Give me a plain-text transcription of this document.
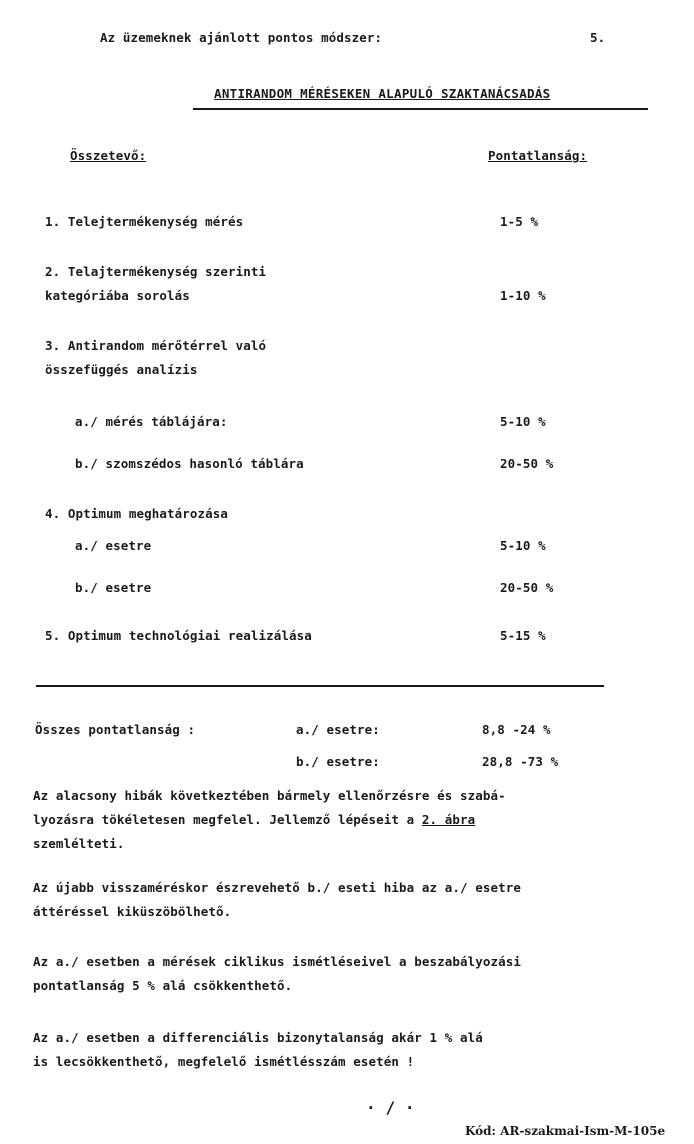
Az üzemeknek ajánlott pontos módszer:	5.
ANTIRANDOM MÉRÉSEKEN ALAPULÓ SZAKTANÁCSADÁS
Összetevő:	Pontatlanság:
1. Telejtermékenység mérés	1-5 %
2. Telajtermékenység szerinti
kategóriába sorolás	1-10 %
3. Antirandom mérőtérrel való
összefüggés analízis
a./ mérés táblájára:	5-10 %
b./ szomszédos hasonló táblára	20-50 %
4. Optimum meghatározása
a./ esetre	5-10 %
b./ esetre	20-50 %
5. Optimum technológiai realizálása	5-15 %
Összes pontatlanság :	a./ esetre:	8,8 -24 %
b./ esetre:	28,8 -73 %
Az alacsony hibák következtében bármely ellenőrzésre és szabá-
lyozásra tökéletesen megfelel. Jellemző lépéseit a 2. ábra
szemlélteti.
Az újabb visszaméréskor észrevehető b./ eseti hiba az a./ esetre
áttéréssel kiküszöbölhető.
Az a./ esetben a mérések ciklikus ismétléseivel a beszabályozási
pontatlanság 5 % alá csökkenthető.
Az a./ esetben a differenciális bizonytalanság akár 1 % alá
is lecsökkenthető, megfelelő ismétlésszám esetén !
· / ·
Kód: AR-szakmai-Ism-M-105e
